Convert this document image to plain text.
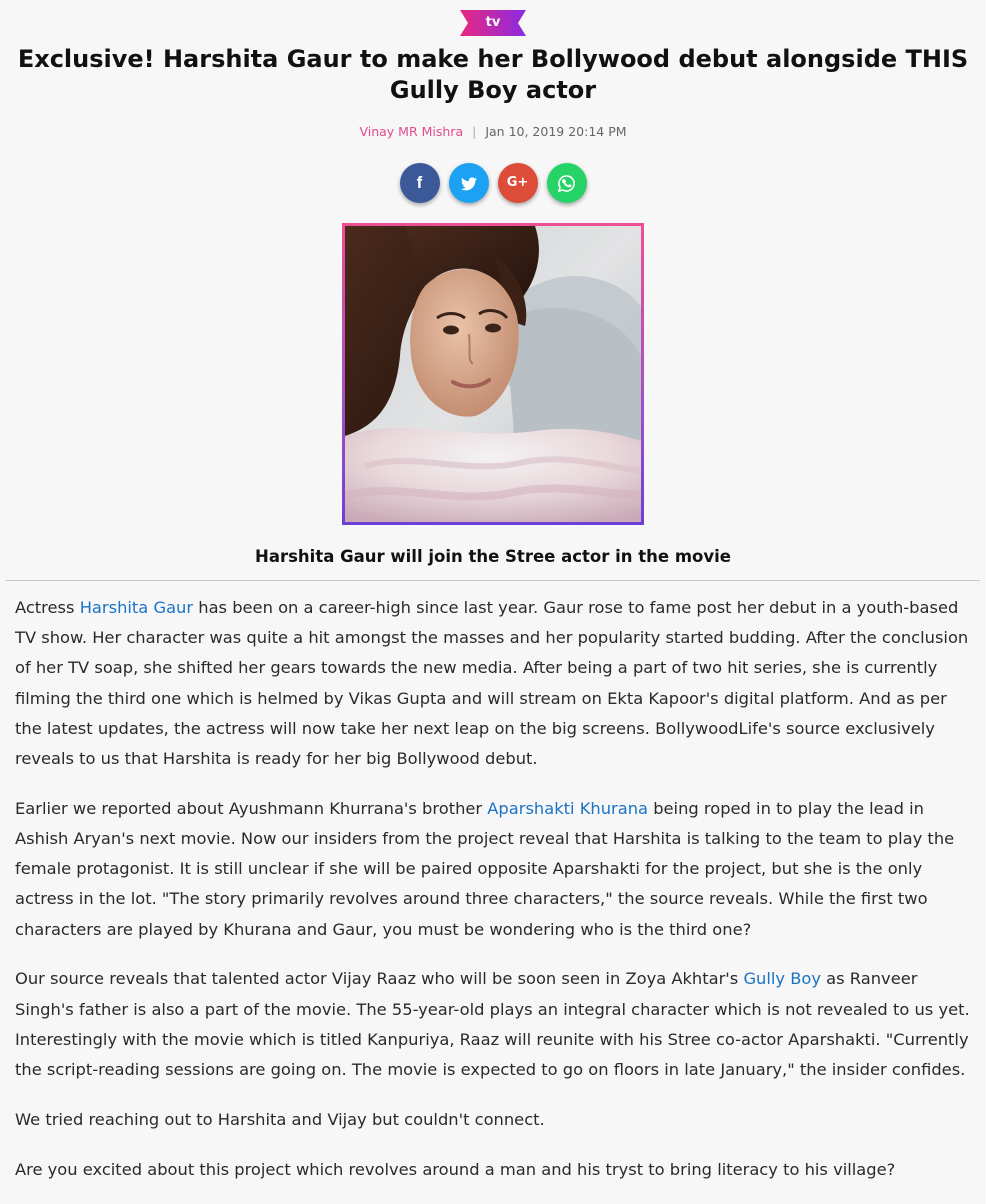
tv
Exclusive! Harshita Gaur to make her Bollywood debut alongside THIS Gully Boy actor
Vinay MR Mishra | Jan 10, 2019 20:14 PM
f	G+

Harshita Gaur will join the Stree actor in the movie

Actress Harshita Gaur has been on a career-high since last year. Gaur rose to fame post her debut in a youth-based TV show. Her character was quite a hit amongst the masses and her popularity started budding. After the conclusion of her TV soap, she shifted her gears towards the new media. After being a part of two hit series, she is currently filming the third one which is helmed by Vikas Gupta and will stream on Ekta Kapoor's digital platform. And as per the latest updates, the actress will now take her next leap on the big screens. BollywoodLife's source exclusively reveals to us that Harshita is ready for her big Bollywood debut.

Earlier we reported about Ayushmann Khurrana's brother Aparshakti Khurana being roped in to play the lead in Ashish Aryan's next movie. Now our insiders from the project reveal that Harshita is talking to the team to play the female protagonist. It is still unclear if she will be paired opposite Aparshakti for the project, but she is the only actress in the lot. "The story primarily revolves around three characters," the source reveals. While the first two characters are played by Khurana and Gaur, you must be wondering who is the third one?

Our source reveals that talented actor Vijay Raaz who will be soon seen in Zoya Akhtar's Gully Boy as Ranveer Singh's father is also a part of the movie. The 55-year-old plays an integral character which is not revealed to us yet. Interestingly with the movie which is titled Kanpuriya, Raaz will reunite with his Stree co-actor Aparshakti. "Currently the script-reading sessions are going on. The movie is expected to go on floors in late January," the insider confides.

We tried reaching out to Harshita and Vijay but couldn't connect.

Are you excited about this project which revolves around a man and his tryst to bring literacy to his village?
